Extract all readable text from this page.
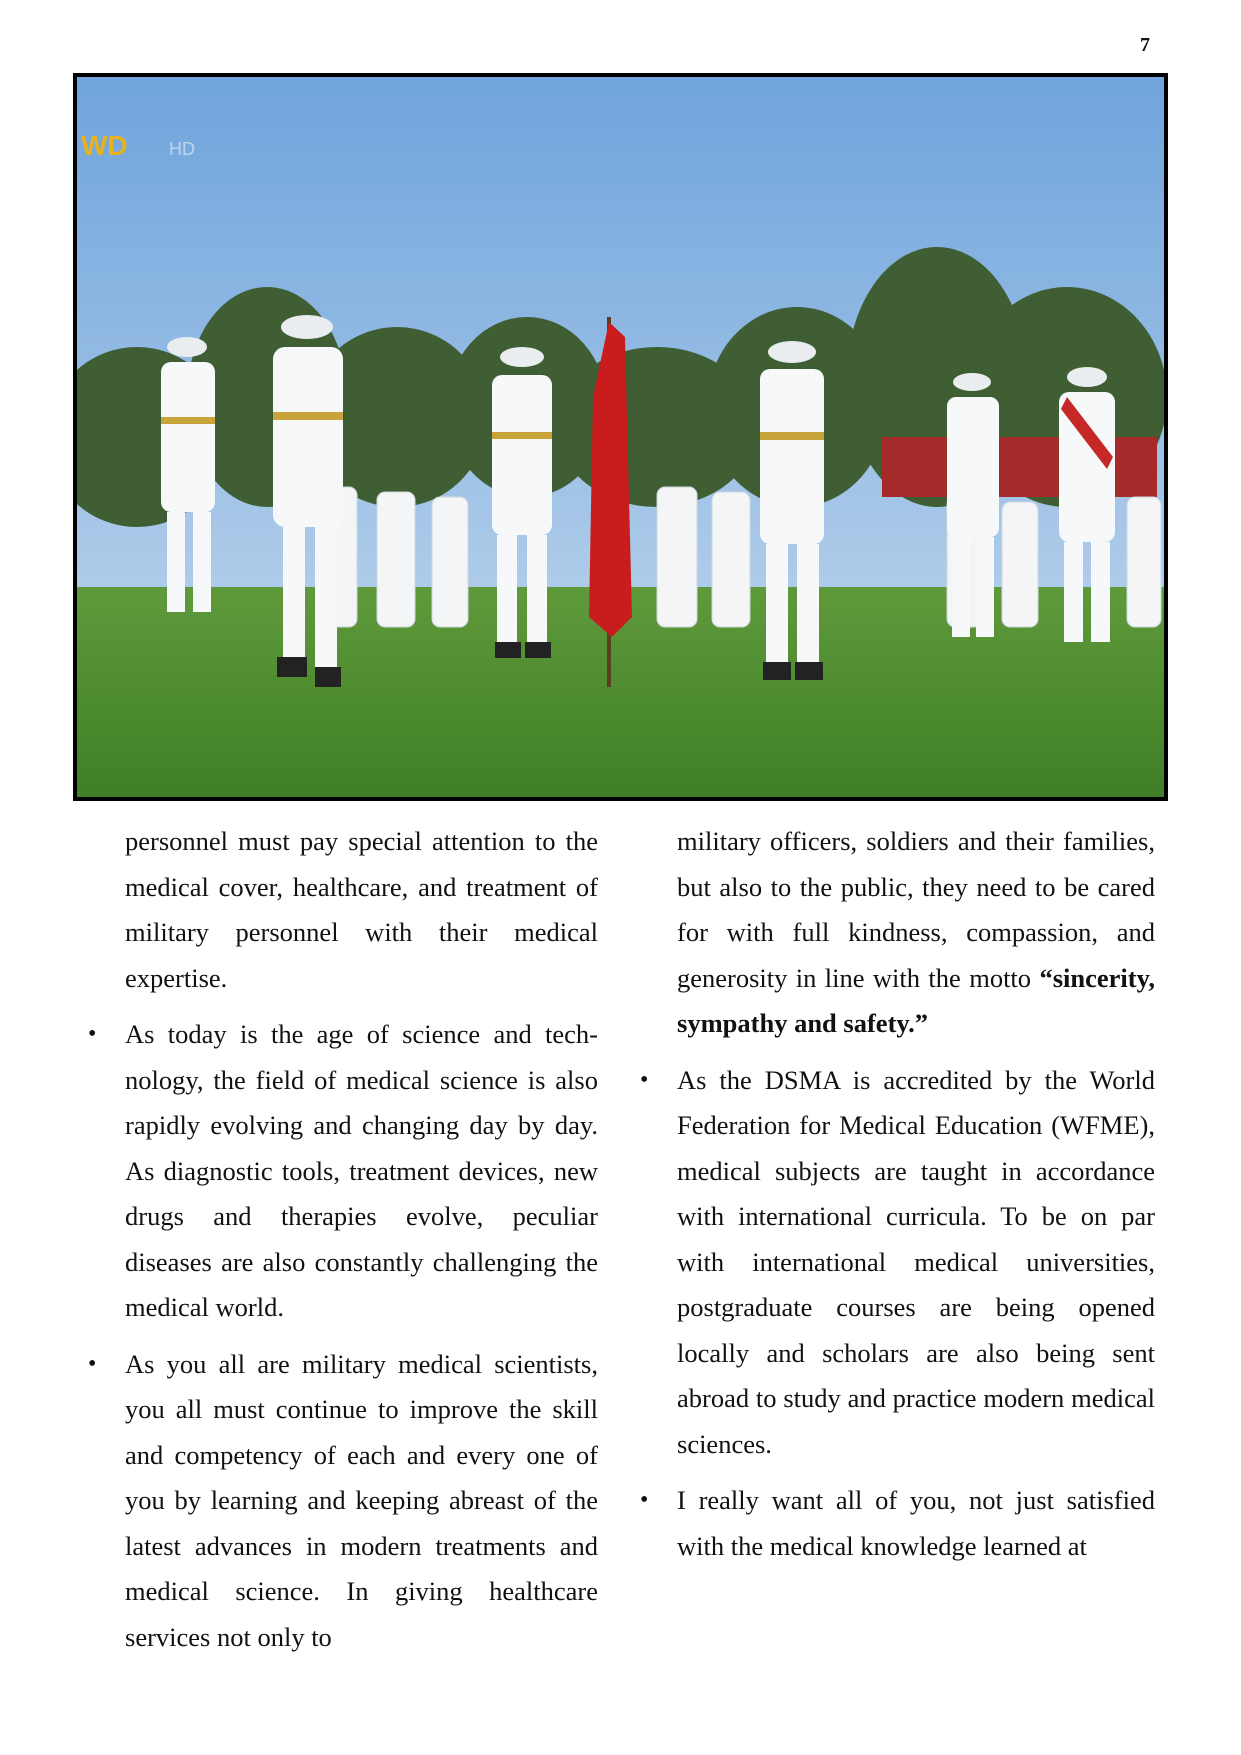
7
WD HD

personnel must pay special attention to the medical cover, healthcare, and treatment of military personnel with their medical expertise.

• As today is the age of science and technology, the field of medical science is also rapidly evolving and changing day by day. As diagnostic tools, treatment devices, new drugs and therapies evolve, peculiar diseases are also constantly challenging the medical world.

• As you all are military medical scientists, you all must continue to improve the skill and competency of each and every one of you by learning and keeping abreast of the latest advances in modern treatments and medical science. In giving healthcare services not only to

military officers, soldiers and their families, but also to the public, they need to be cared for with full kindness, compassion, and generosity in line with the motto “sincerity, sympathy and safety.”

• As the DSMA is accredited by the World Federation for Medical Education (WFME), medical subjects are taught in accordance with international curricula. To be on par with international medical universities, postgraduate courses are being opened locally and scholars are also being sent abroad to study and practice modern medical sciences.

• I really want all of you, not just satisfied with the medical knowledge learned at
